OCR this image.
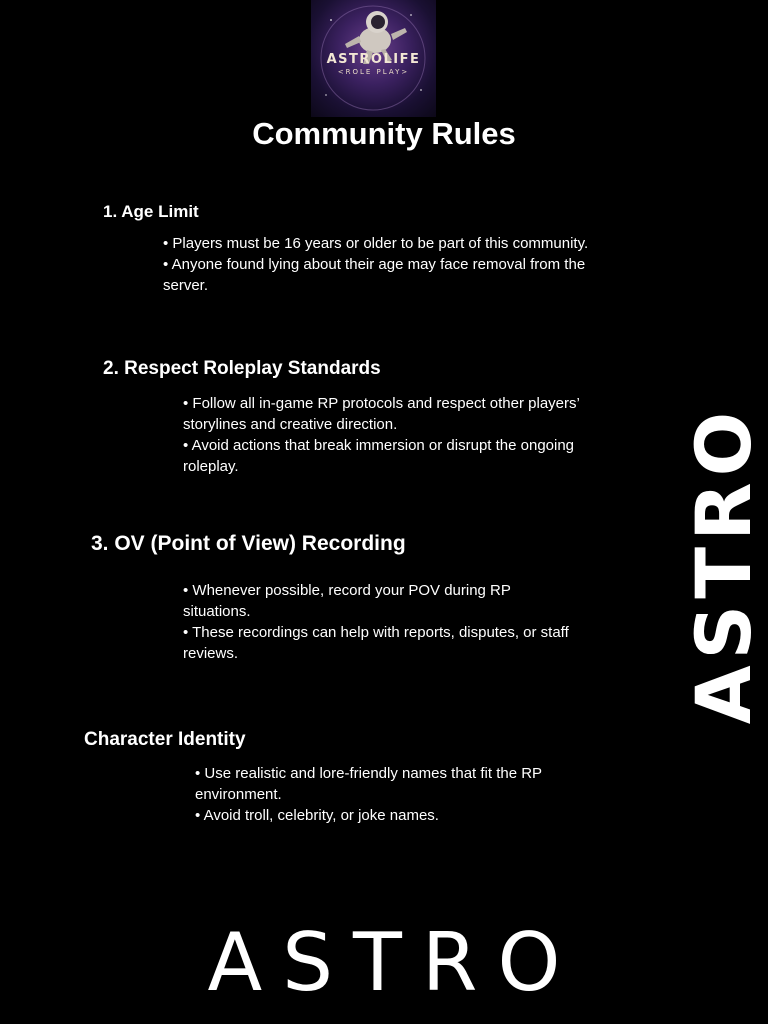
ASTROLIFE
<ROLE PLAY>
Community Rules
1. Age Limit
• Players must be 16 years or older to be part of this community.
• Anyone found lying about their age may face removal from the server.
2. Respect Roleplay Standards
• Follow all in-game RP protocols and respect other players’ storylines and creative direction.
• Avoid actions that break immersion or disrupt the ongoing roleplay.
3. OV (Point of View) Recording
• Whenever possible, record your POV during RP situations.
• These recordings can help with reports, disputes, or staff reviews.
Character Identity
• Use realistic and lore-friendly names that fit the RP environment.
• Avoid troll, celebrity, or joke names.
ASTRO
ASTRO
